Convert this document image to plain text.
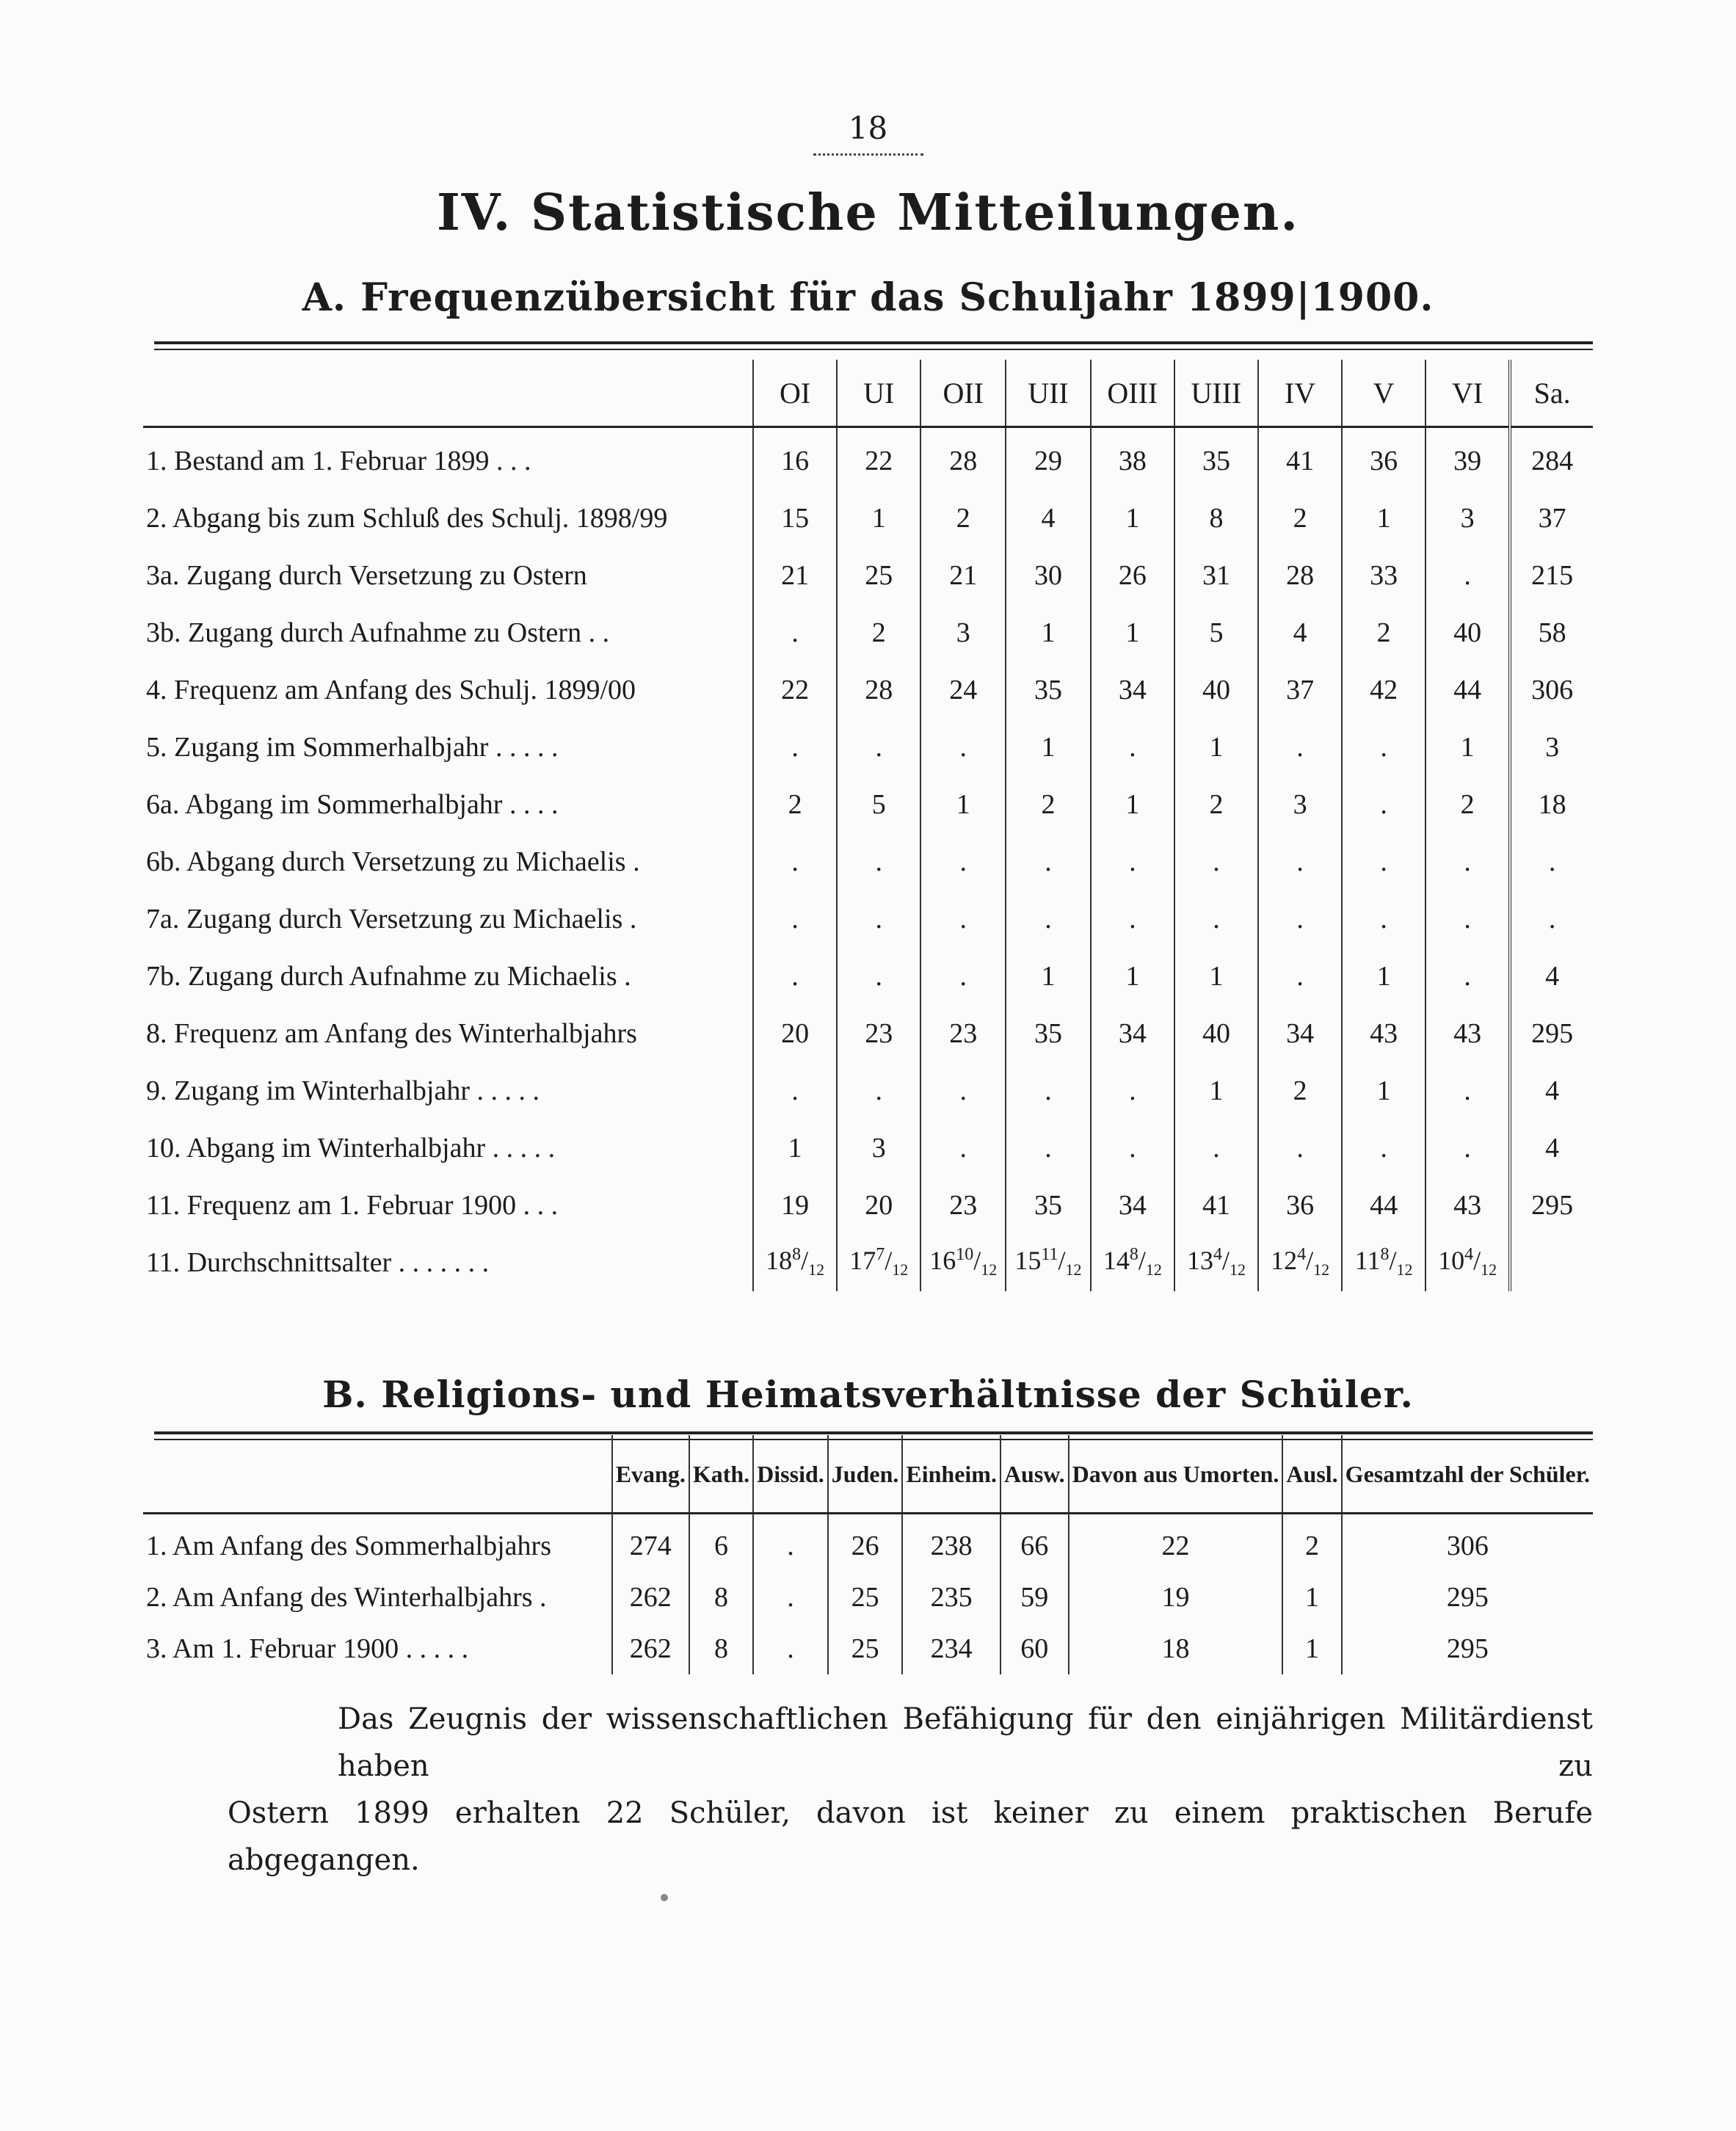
18
IV. Statistische Mitteilungen.
A. Frequenzübersicht für das Schuljahr 1899|1900.
	OI	UI	OII	UII	OIII	UIII	IV	V	VI	Sa.
1. Bestand am 1. Februar 1899 . . .	16	22	28	29	38	35	41	36	39	284
2. Abgang bis zum Schluß des Schulj. 1898/99	15	1	2	4	1	8	2	1	3	37
3a. Zugang durch Versetzung zu Ostern	21	25	21	30	26	31	28	33	.	215
3b. Zugang durch Aufnahme zu Ostern . .	.	2	3	1	1	5	4	2	40	58
4. Frequenz am Anfang des Schulj. 1899/00	22	28	24	35	34	40	37	42	44	306
5. Zugang im Sommerhalbjahr . . . . .	.	.	.	1	.	1	.	.	1	3
6a. Abgang im Sommerhalbjahr . . . .	2	5	1	2	1	2	3	.	2	18
6b. Abgang durch Versetzung zu Michaelis .	.	.	.	.	.	.	.	.	.	.
7a. Zugang durch Versetzung zu Michaelis .	.	.	.	.	.	.	.	.	.	.
7b. Zugang durch Aufnahme zu Michaelis .	.	.	.	1	1	1	.	1	.	4
8. Frequenz am Anfang des Winterhalbjahrs	20	23	23	35	34	40	34	43	43	295
9. Zugang im Winterhalbjahr . . . . .	.	.	.	.	.	1	2	1	.	4
10. Abgang im Winterhalbjahr . . . . .	1	3	.	.	.	.	.	.	.	4
11. Frequenz am 1. Februar 1900 . . .	19	20	23	35	34	41	36	44	43	295
11. Durchschnittsalter . . . . . . .	$18^8/_{12}$	$17^7/_{12}$	$16^{10}/_{12}$	$15^{11}/_{12}$	$14^8/_{12}$	$13^4/_{12}$	$12^4/_{12}$	$11^8/_{12}$	$10^4/_{12}$	
B. Religions- und Heimatsverhältnisse der Schüler.
	Evang.	Kath.	Dissid.	Juden.	Einheim.	Ausw.	Davon aus Umorten.	Ausl.	Gesamtzahl der Schüler.
1. Am Anfang des Sommerhalbjahrs	274	6	.	26	238	66	22	2	306
2. Am Anfang des Winterhalbjahrs .	262	8	.	25	235	59	19	1	295
3. Am 1. Februar 1900 . . . . .	262	8	.	25	234	60	18	1	295

Das Zeugnis der wissenschaftlichen Befähigung für den einjährigen Militärdienst haben zu
Ostern 1899 erhalten 22 Schüler, davon ist keiner zu einem praktischen Berufe abgegangen.
